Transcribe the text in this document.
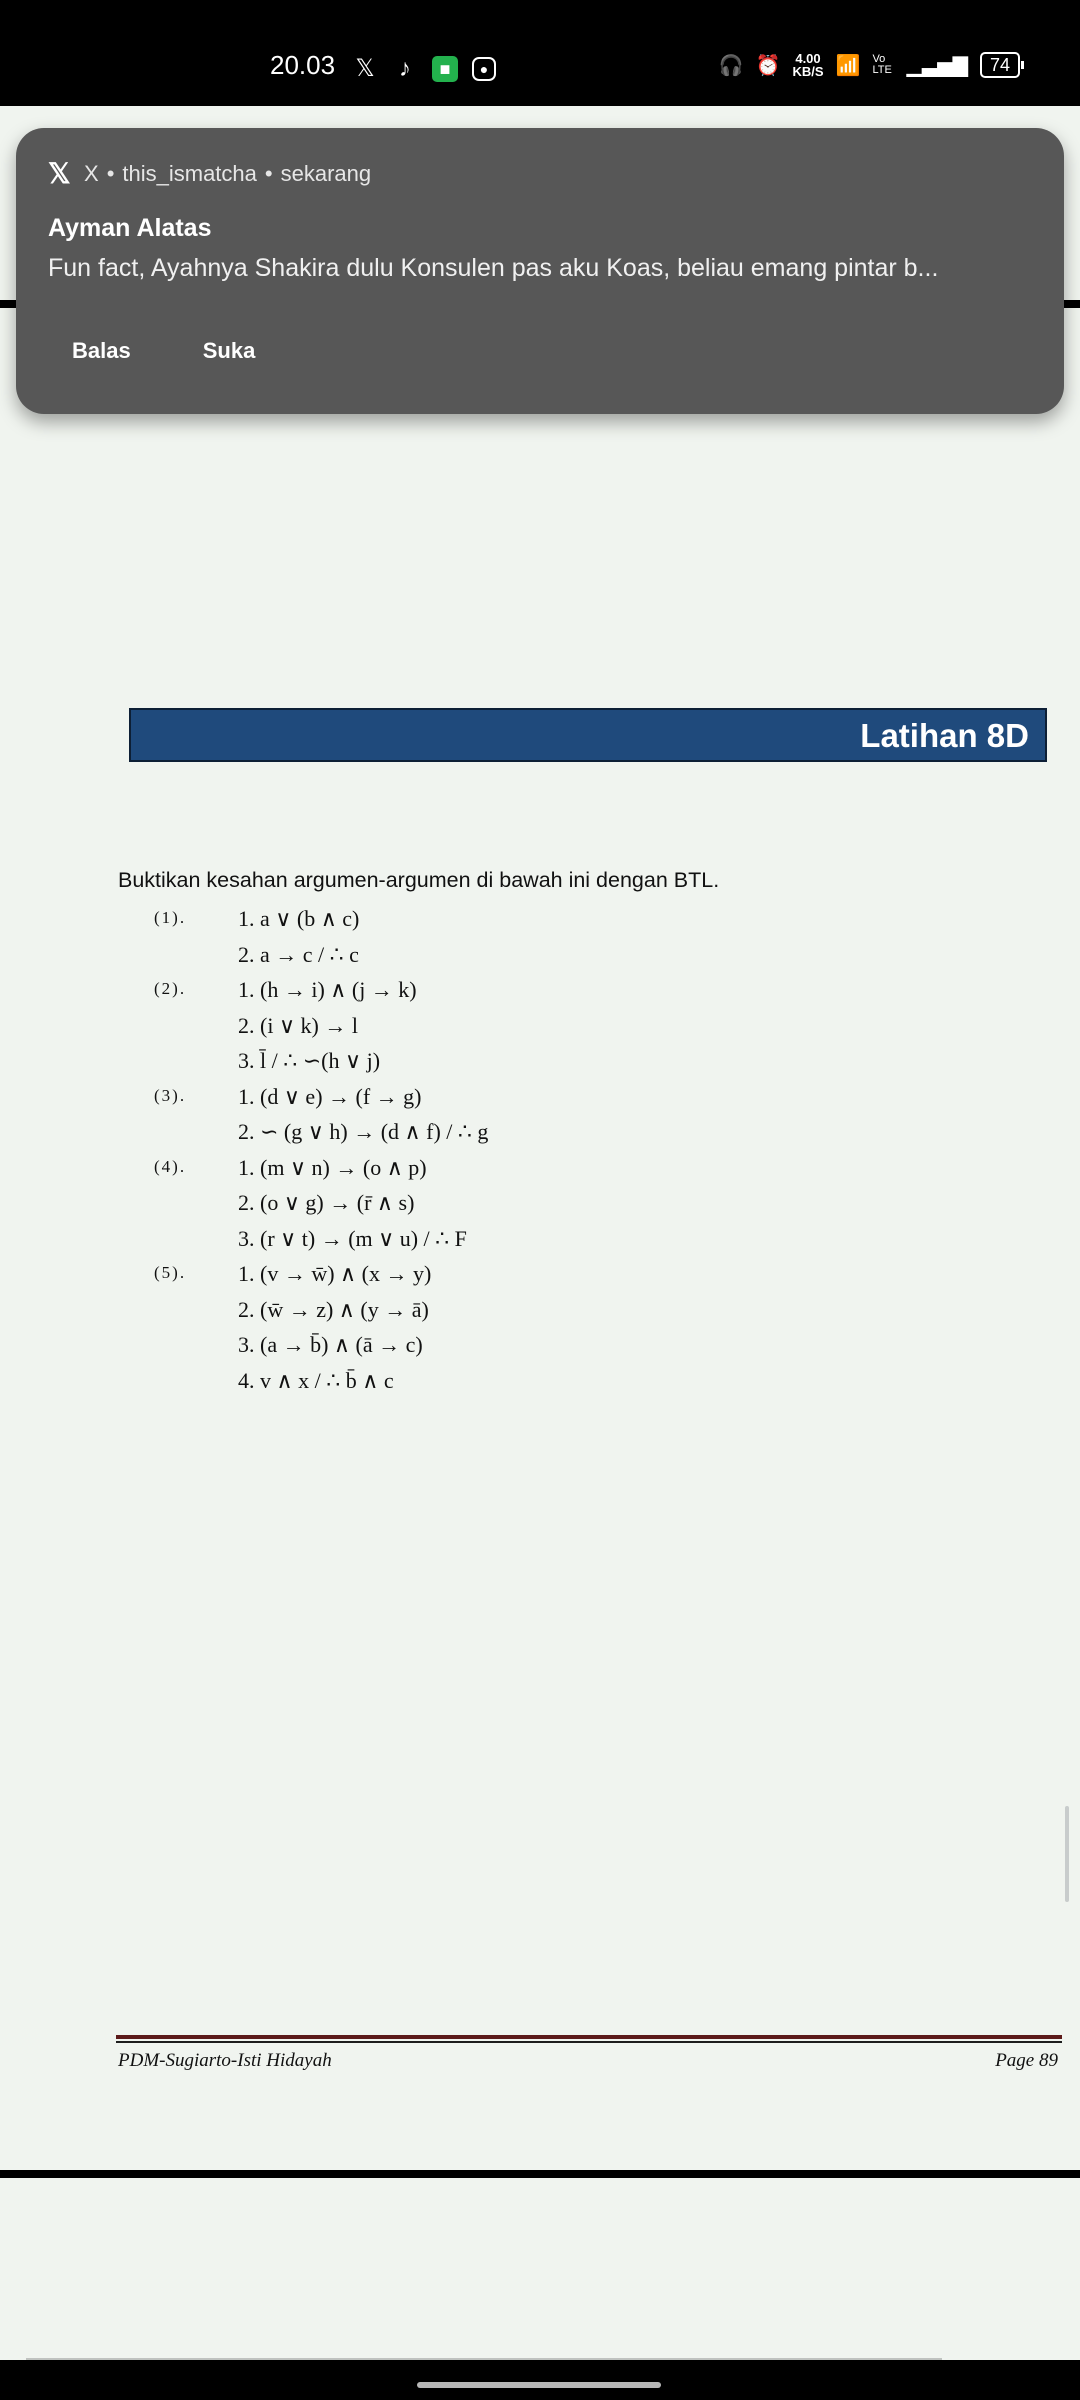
20.03 𝕏 ♪	■	●	🎧 ⏰ 4.00
KB/S 📶 Vo LTE ▁▃▅▇	74
𝕏 X • this_ismatcha • sekarang
Ayman Alatas
Fun fact, Ayahnya Shakira dulu Konsulen pas aku Koas, beliau emang pintar b...
Balas	Suka
Latihan 8D
Buktikan kesahan argumen-argumen di bawah ini dengan BTL.
(1). 1. a ∨ (b ∧ c)
2. a → c / ∴ c
(2). 1. (h → i) ∧ (j → k)
2. (i ∨ k) → l
3. l̄ / ∴ ∽(h ∨ j)
(3). 1. (d ∨ e) → (f → g)
2. ∽ (g ∨ h) → (d ∧ f) / ∴ g
(4). 1. (m ∨ n) → (o ∧ p)
2. (o ∨ g) → (r̄ ∧ s)
3. (r ∨ t) → (m ∨ u) / ∴ F
(5). 1. (v → w̄) ∧ (x → y)
2. (w̄ → z) ∧ (y → ā)
3. (a → b̄) ∧ (ā → c)
4. v ∧ x / ∴ b̄ ∧ c
PDM-Sugiarto-Isti Hidayah	Page 89
